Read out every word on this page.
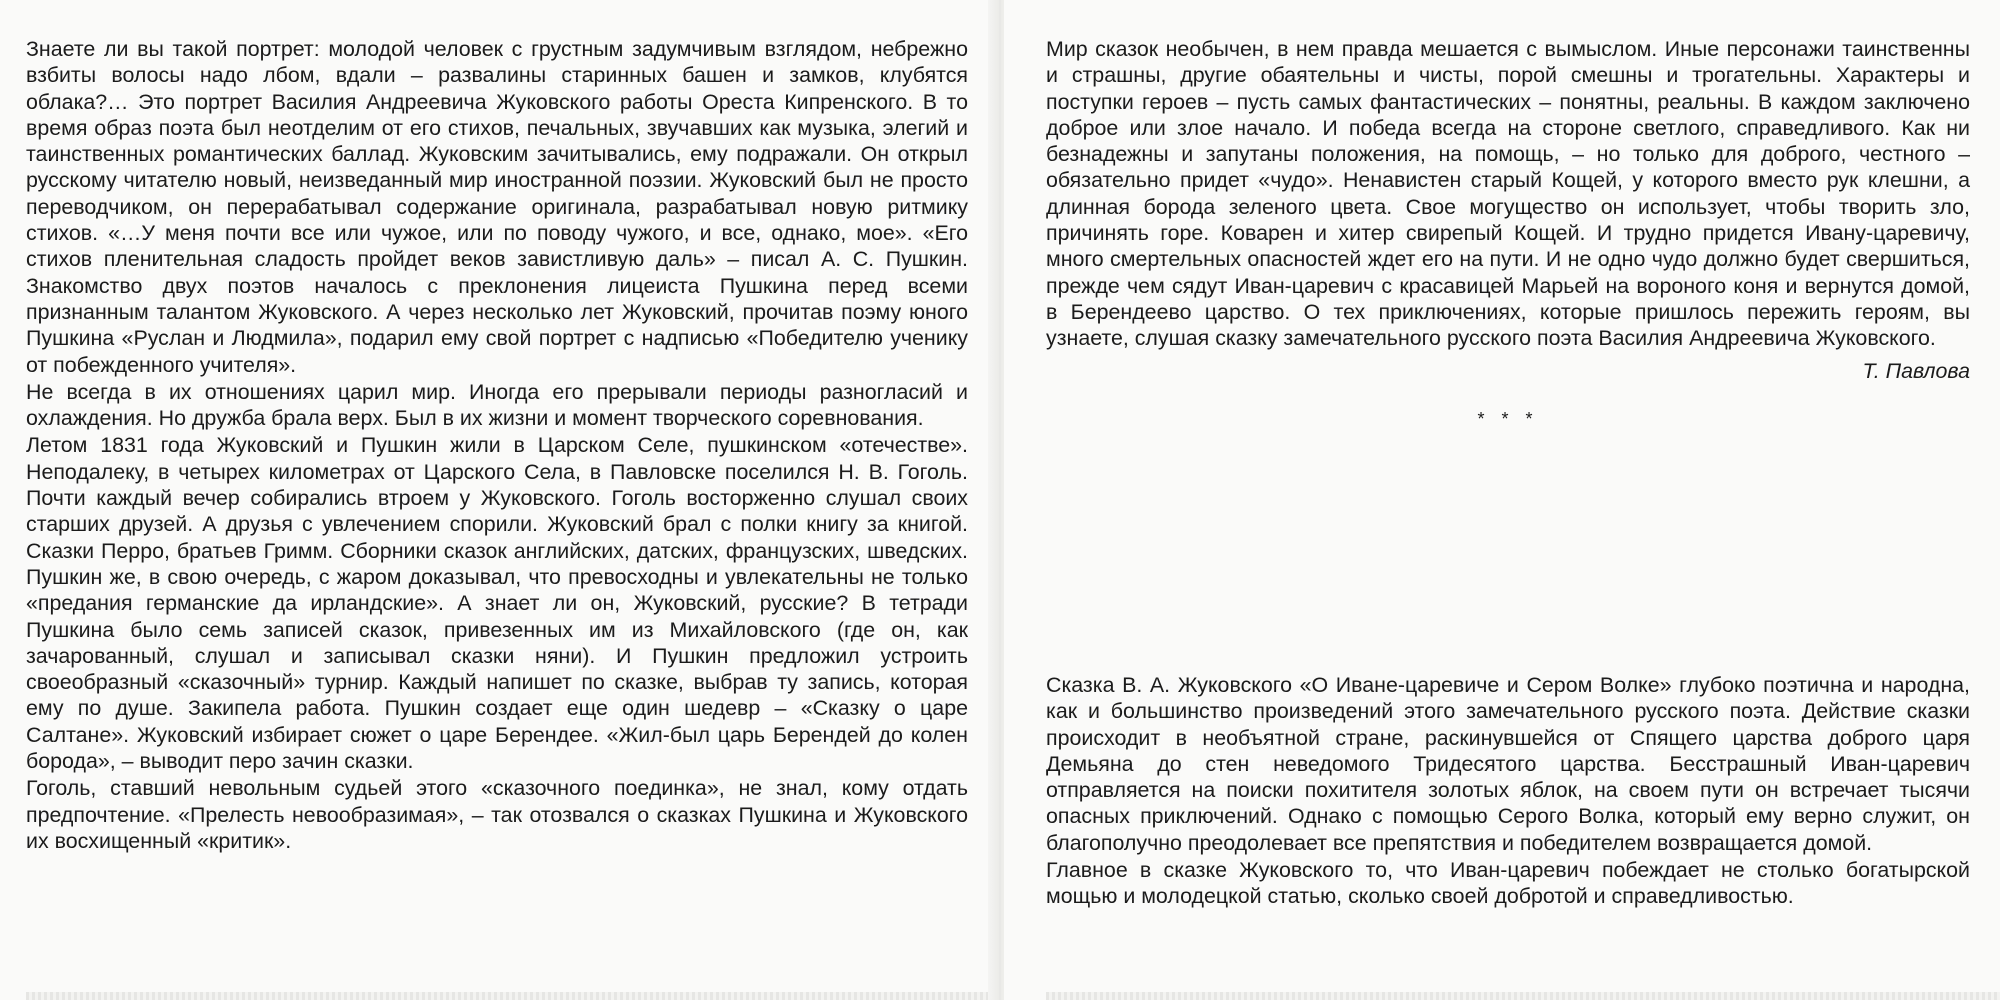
Знаете ли вы такой портрет: молодой человек с грустным задумчивым взглядом, небрежно взбиты волосы надо лбом, вдали – развалины старинных башен и замков, клубятся облака?… Это портрет Василия Андреевича Жуковского работы Ореста Кипренского. В то время образ поэта был неотделим от его стихов, печальных, звучавших как музыка, элегий и таинственных романтических баллад. Жуковским зачитывались, ему подражали. Он открыл русскому читателю новый, неизведанный мир иностранной поэзии. Жуковский был не просто переводчиком, он перерабатывал содержание оригинала, разрабатывал новую ритмику стихов. «…У меня почти все или чужое, или по поводу чужого, и все, однако, мое». «Его стихов пленительная сладость пройдет веков завистливую даль» – писал А. С. Пушкин. Знакомство двух поэтов началось с преклонения лицеиста Пушкина перед всеми признанным талантом Жуковского. А через несколько лет Жуковский, прочитав поэму юного Пушкина «Руслан и Людмила», подарил ему свой портрет с надписью «Победителю ученику от побежденного учителя».

Не всегда в их отношениях царил мир. Иногда его прерывали периоды разногласий и охлаждения. Но дружба брала верх. Был в их жизни и момент творческого соревнования.

Летом 1831 года Жуковский и Пушкин жили в Царском Селе, пушкинском «отечестве». Неподалеку, в четырех километрах от Царского Села, в Павловске поселился Н. В. Гоголь. Почти каждый вечер собирались втроем у Жуковского. Гоголь восторженно слушал своих старших друзей. А друзья с увлечением спорили. Жуковский брал с полки книгу за книгой. Сказки Перро, братьев Гримм. Сборники сказок английских, датских, французских, шведских. Пушкин же, в свою очередь, с жаром доказывал, что превосходны и увлекательны не только «предания германские да ирландские». А знает ли он, Жуковский, русские? В тетради Пушкина было семь записей сказок, привезенных им из Михайловского (где он, как зачарованный, слушал и записывал сказки няни). И Пушкин предложил устроить своеобразный «сказочный» турнир. Каждый напишет по сказке, выбрав ту запись, которая ему по душе. Закипела работа. Пушкин создает еще один шедевр – «Сказку о царе Салтане». Жуковский избирает сюжет о царе Берендее. «Жил-был царь Берендей до колен борода», – выводит перо зачин сказки.

Гоголь, ставший невольным судьей этого «сказочного поединка», не знал, кому отдать предпочтение. «Прелесть невообразимая», – так отозвался о сказках Пушкина и Жуковского их восхищенный «критик».

Мир сказок необычен, в нем правда мешается с вымыслом. Иные персонажи таинственны и страшны, другие обаятельны и чисты, порой смешны и трогательны. Характеры и поступки героев – пусть самых фантастических – понятны, реальны. В каждом заключено доброе или злое начало. И победа всегда на стороне светлого, справедливого. Как ни безнадежны и запутаны положения, на помощь, – но только для доброго, честного – обязательно придет «чудо». Ненавистен старый Кощей, у которого вместо рук клешни, а длинная борода зеленого цвета. Свое могущество он использует, чтобы творить зло, причинять горе. Коварен и хитер свирепый Кощей. И трудно придется Ивану-царевичу, много смертельных опасностей ждет его на пути. И не одно чудо должно будет свершиться, прежде чем сядут Иван-царевич с красавицей Марьей на вороного коня и вернутся домой, в Берендеево царство. О тех приключениях, которые пришлось пережить героям, вы узнаете, слушая сказку замечательного русского поэта Василия Андреевича Жуковского.

Т. Павлова

* * *

Сказка В. А. Жуковского «О Иване-царевиче и Сером Волке» глубоко поэтична и народна, как и большинство произведений этого замечательного русского поэта. Действие сказки происходит в необъятной стране, раскинувшейся от Спящего царства доброго царя Демьяна до стен неведомого Тридесятого царства. Бесстрашный Иван-царевич отправляется на поиски похитителя золотых яблок, на своем пути он встречает тысячи опасных приключений. Однако с помощью Серого Волка, который ему верно служит, он благополучно преодолевает все препятствия и победителем возвращается домой.

Главное в сказке Жуковского то, что Иван-царевич побеждает не столько богатырской мощью и молодецкой статью, сколько своей добротой и справедливостью.
